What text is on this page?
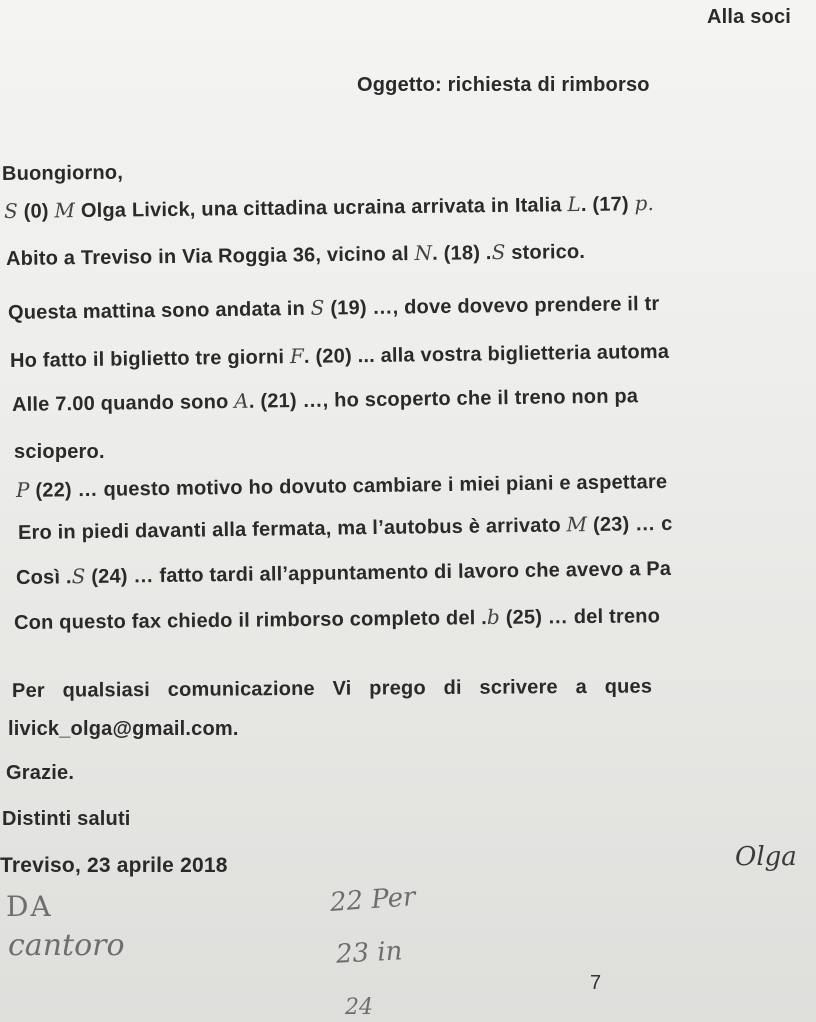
Alla soci
Oggetto: richiesta di rimborso
Buongiorno,
S (0) M Olga Livick, una cittadina ucraina arrivata in Italia L. (17) p.
Abito a Treviso in Via Roggia 36, vicino al N. (18) .S storico.
Questa mattina sono andata in S (19) …, dove dovevo prendere il tr
Ho fatto il biglietto tre giorni F. (20) ... alla vostra biglietteria automa
Alle 7.00 quando sono A. (21) …, ho scoperto che il treno non pa
sciopero.
P (22) … questo motivo ho dovuto cambiare i miei piani e aspettare
Ero in piedi davanti alla fermata, ma l’autobus è arrivato M (23) … c
Così .S (24) … fatto tardi all’appuntamento di lavoro che avevo a Pa
Con questo fax chiedo il rimborso completo del .b (25) … del treno
Per qualsiasi comunicazione Vi prego di scrivere a ques
livick_olga@gmail.com.
Grazie.
Distinti saluti
Treviso, 23 aprile 2018	Olga
DA
cantoro
22 Per
23 in
24
7
